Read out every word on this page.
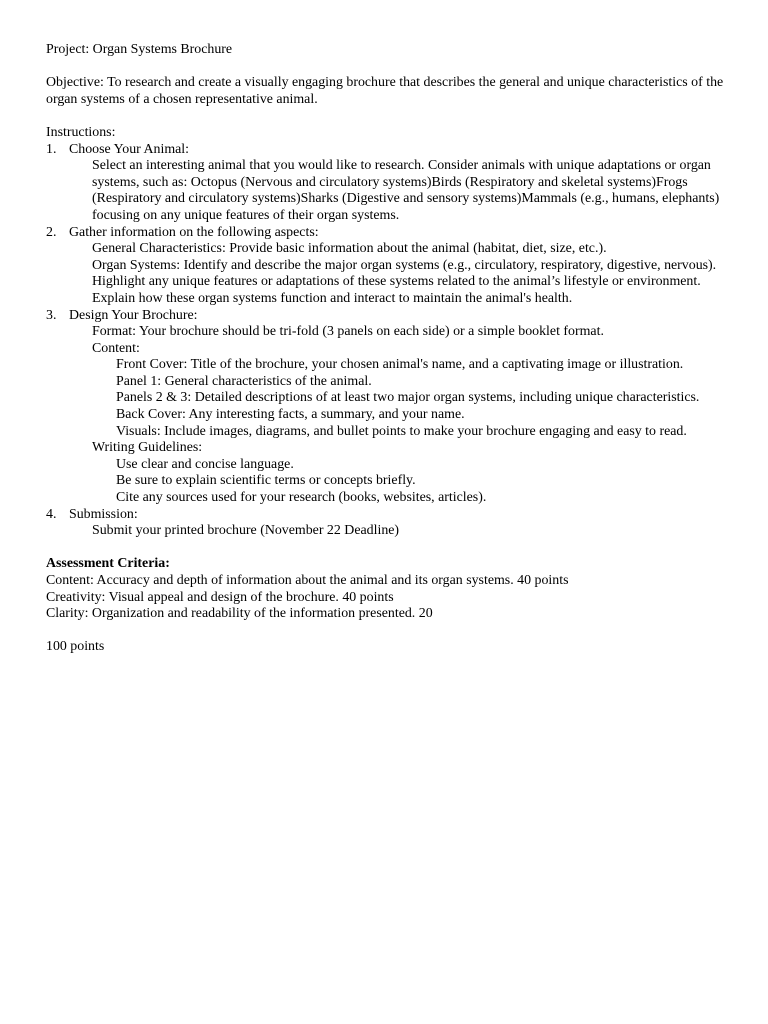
Project: Organ Systems Brochure

Objective: To research and create a visually engaging brochure that describes the general and unique characteristics of the organ systems of a chosen representative animal.

Instructions:

1. Choose Your Animal:
Select an interesting animal that you would like to research. Consider animals with unique adaptations or organ systems, such as: Octopus (Nervous and circulatory systems)Birds (Respiratory and skeletal systems)Frogs (Respiratory and circulatory systems)Sharks (Digestive and sensory systems)Mammals (e.g., humans, elephants) focusing on any unique features of their organ systems.
2. Gather information on the following aspects:
General Characteristics: Provide basic information about the animal (habitat, diet, size, etc.).
Organ Systems: Identify and describe the major organ systems (e.g., circulatory, respiratory, digestive, nervous).
Highlight any unique features or adaptations of these systems related to the animal’s lifestyle or environment.
Explain how these organ systems function and interact to maintain the animal's health.
3. Design Your Brochure:
Format: Your brochure should be tri-fold (3 panels on each side) or a simple booklet format.
Content:
Front Cover: Title of the brochure, your chosen animal's name, and a captivating image or illustration.
Panel 1: General characteristics of the animal.
Panels 2 & 3: Detailed descriptions of at least two major organ systems, including unique characteristics.
Back Cover: Any interesting facts, a summary, and your name.
Visuals: Include images, diagrams, and bullet points to make your brochure engaging and easy to read.
Writing Guidelines:
Use clear and concise language.
Be sure to explain scientific terms or concepts briefly.
Cite any sources used for your research (books, websites, articles).
4. Submission:
Submit your printed brochure (November 22 Deadline)

Assessment Criteria:

Content: Accuracy and depth of information about the animal and its organ systems. 40 points

Creativity: Visual appeal and design of the brochure. 40 points

Clarity: Organization and readability of the information presented. 20

100 points
